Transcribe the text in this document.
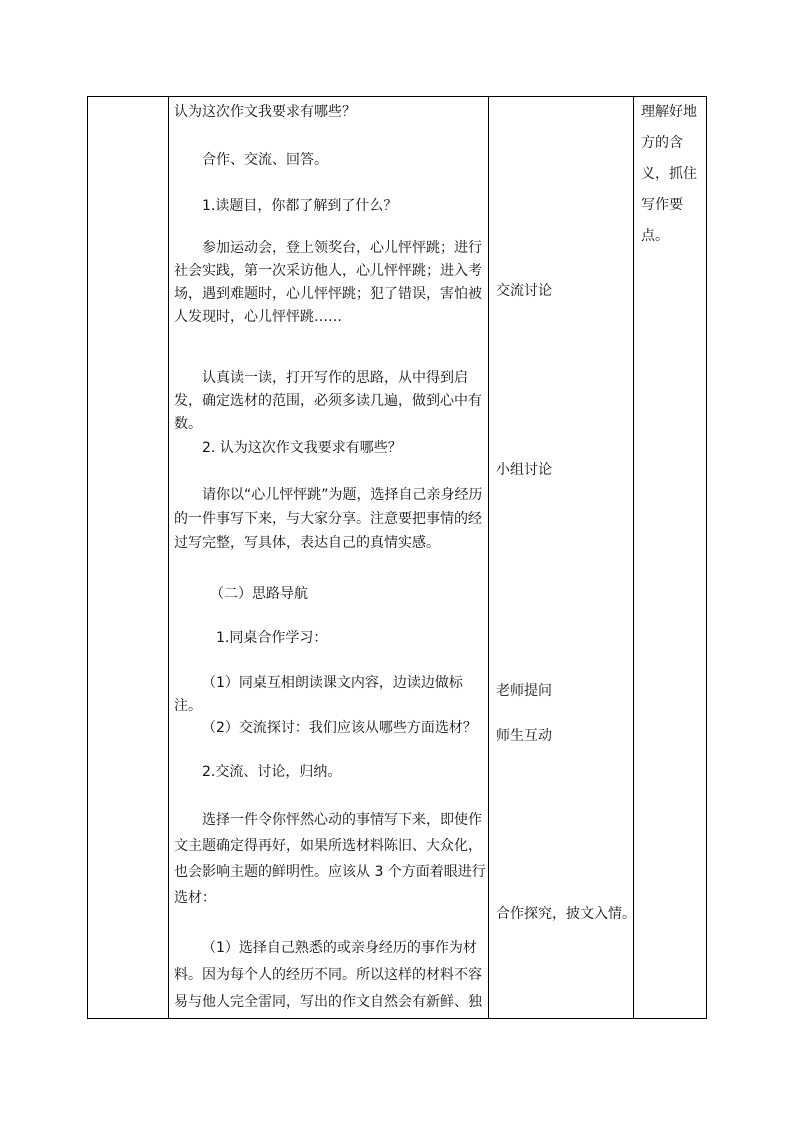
认为这次作文我要求有哪些？

合作、交流、回答。

1.读题目，你都了解到了什么？

参加运动会，登上领奖台，心儿怦怦跳；进行社会实践，第一次采访他人，心儿怦怦跳；进入考场，遇到难题时，心儿怦怦跳；犯了错误，害怕被人发现时，心儿怦怦跳……

认真读一读，打开写作的思路，从中得到启发，确定选材的范围，必须多读几遍，做到心中有数。

2. 认为这次作文我要求有哪些？

请你以“心儿怦怦跳”为题，选择自己亲身经历的一件事写下来，与大家分享。注意要把事情的经过写完整，写具体，表达自己的真情实感。

（二）思路导航

1.同桌合作学习：

（1）同桌互相朗读课文内容，边读边做标注。

（2）交流探讨：我们应该从哪些方面选材？

2.交流、讨论，归纳。

选择一件令你怦然心动的事情写下来，即使作文主题确定得再好，如果所选材料陈旧、大众化，也会影响主题的鲜明性。应该从 3 个方面着眼进行选材：

（1）选择自己熟悉的或亲身经历的事作为材料。因为每个人的经历不同。所以这样的材料不容易与他人完全雷同，写出的作文自然会有新鲜、独

交流讨论

小组讨论

老师提问

师生互动

合作探究，披文入情。

理解好地方的含义，抓住写作要点。
